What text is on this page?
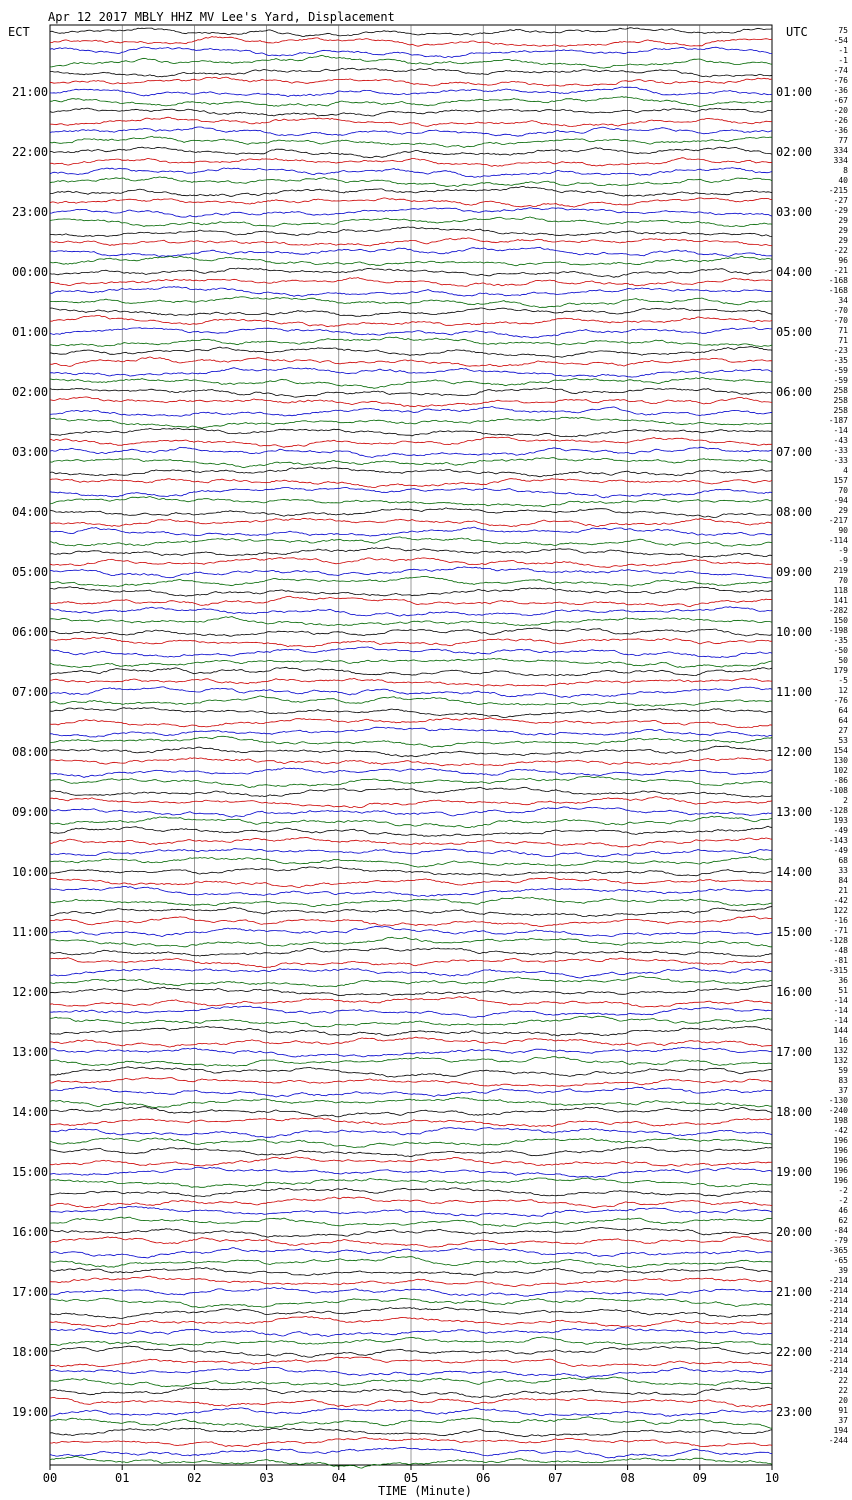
Apr 12 2017 MBLY HHZ MV Lee's Yard, Displacement
ECT	UTC
21:00
22:00
23:00
00:00
01:00
02:00
03:00
04:00
05:00
06:00
07:00
08:00
09:00
10:00
11:00
12:00
13:00
14:00
15:00
16:00
17:00
18:00
19:00
01:00
02:00
03:00
04:00
05:00
06:00
07:00
08:00
09:00
10:00
11:00
12:00
13:00
14:00
15:00
16:00
17:00
18:00
19:00
20:00
21:00
22:00
23:00
75
-54
-1
-1
-74
-76
-36
-67
-20
-26
-36
77
334
334
8
40
-215
-27
-29
29
29
29
-22
96
-21
-168
-168
34
-70
-70
71
71
-23
-35
-59
-59
258
258
258
-187
-14
-43
-33
-33
4
157
70
-94
29
-217
90
-114
-9
-9
219
70
118
141
-282
150
-198
-35
-50
50
179
-5
12
-76
64
64
27
53
154
130
102
-86
-108
2
-128
193
-49
-143
-49
68
33
84
21
-42
122
-16
-71
-128
-48
-81
-315
36
51
-14
-14
-14
144
16
132
132
59
83
37
-130
-240
198
-42
196
196
196
196
196
-2
-2
46
62
-84
-79
-365
-65
39
-214
-214
-214
-214
-214
-214
-214
-214
-214
-214
22
22
20
91
37
194
-244
00	01	02	03	04	05	06	07	08	09	10
TIME (Minute)
